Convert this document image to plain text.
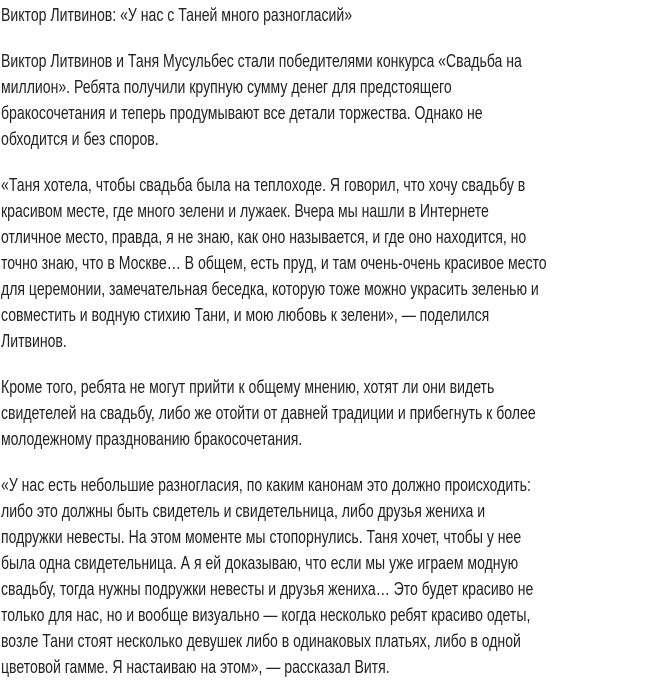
Виктор Литвинов: «У нас с Таней много разногласий»
Виктор Литвинов и Таня Мусульбес стали победителями конкурса «Свадьба на
миллион». Ребята получили крупную сумму денег для предстоящего
бракосочетания и теперь продумывают все детали торжества. Однако не
обходится и без споров.
«Таня хотела, чтобы свадьба была на теплоходе. Я говорил, что хочу свадьбу в
красивом месте, где много зелени и лужаек. Вчера мы нашли в Интернете
отличное место, правда, я не знаю, как оно называется, и где оно находится, но
точно знаю, что в Москве… В общем, есть пруд, и там очень-очень красивое место
для церемонии, замечательная беседка, которую тоже можно украсить зеленью и
совместить и водную стихию Тани, и мою любовь к зелени», — поделился
Литвинов.
Кроме того, ребята не могут прийти к общему мнению, хотят ли они видеть
свидетелей на свадьбу, либо же отойти от давней традиции и прибегнуть к более
молодежному празднованию бракосочетания.
«У нас есть небольшие разногласия, по каким канонам это должно происходить:
либо это должны быть свидетель и свидетельница, либо друзья жениха и
подружки невесты. На этом моменте мы стопорнулись. Таня хочет, чтобы у нее
была одна свидетельница. А я ей доказываю, что если мы уже играем модную
свадьбу, тогда нужны подружки невесты и друзья жениха… Это будет красиво не
только для нас, но и вообще визуально — когда несколько ребят красиво одеты,
возле Тани стоят несколько девушек либо в одинаковых платьях, либо в одной
цветовой гамме. Я настаиваю на этом», — рассказал Витя.
